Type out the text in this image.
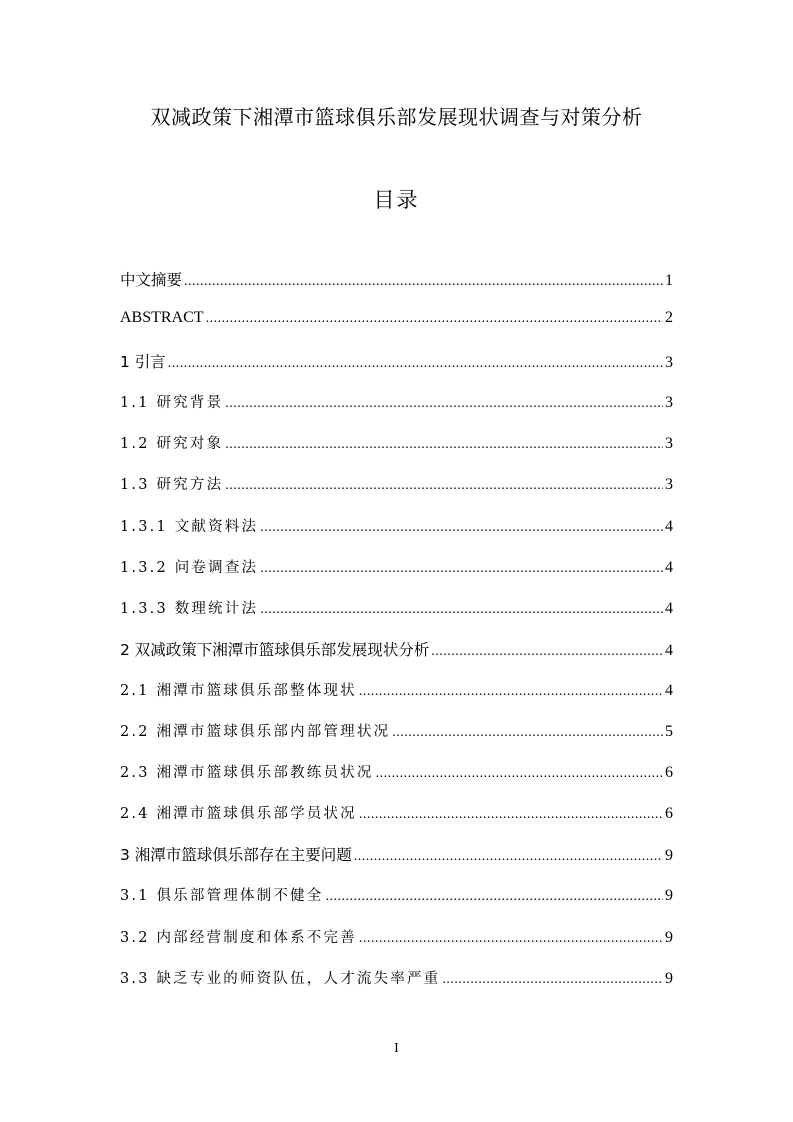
双减政策下湘潭市篮球俱乐部发展现状调查与对策分析
目录
中文摘要 .....	1
ABSTRACT .....	2
1 引言 .....	3
1.1 研究背景 .....	3
1.2 研究对象 .....	3
1.3 研究方法 .....	3
1.3.1 文献资料法 .....	4
1.3.2 问卷调查法 .....	4
1.3.3 数理统计法 .....	4
2 双减政策下湘潭市篮球俱乐部发展现状分析 .....	4
2.1 湘潭市篮球俱乐部整体现状 .....	4
2.2 湘潭市篮球俱乐部内部管理状况 .....	5
2.3 湘潭市篮球俱乐部教练员状况 .....	6
2.4 湘潭市篮球俱乐部学员状况 .....	6
3 湘潭市篮球俱乐部存在主要问题 .....	9
3.1 俱乐部管理体制不健全 .....	9
3.2 内部经营制度和体系不完善 .....	9
3.3 缺乏专业的师资队伍，人才流失率严重 .....	9
I
